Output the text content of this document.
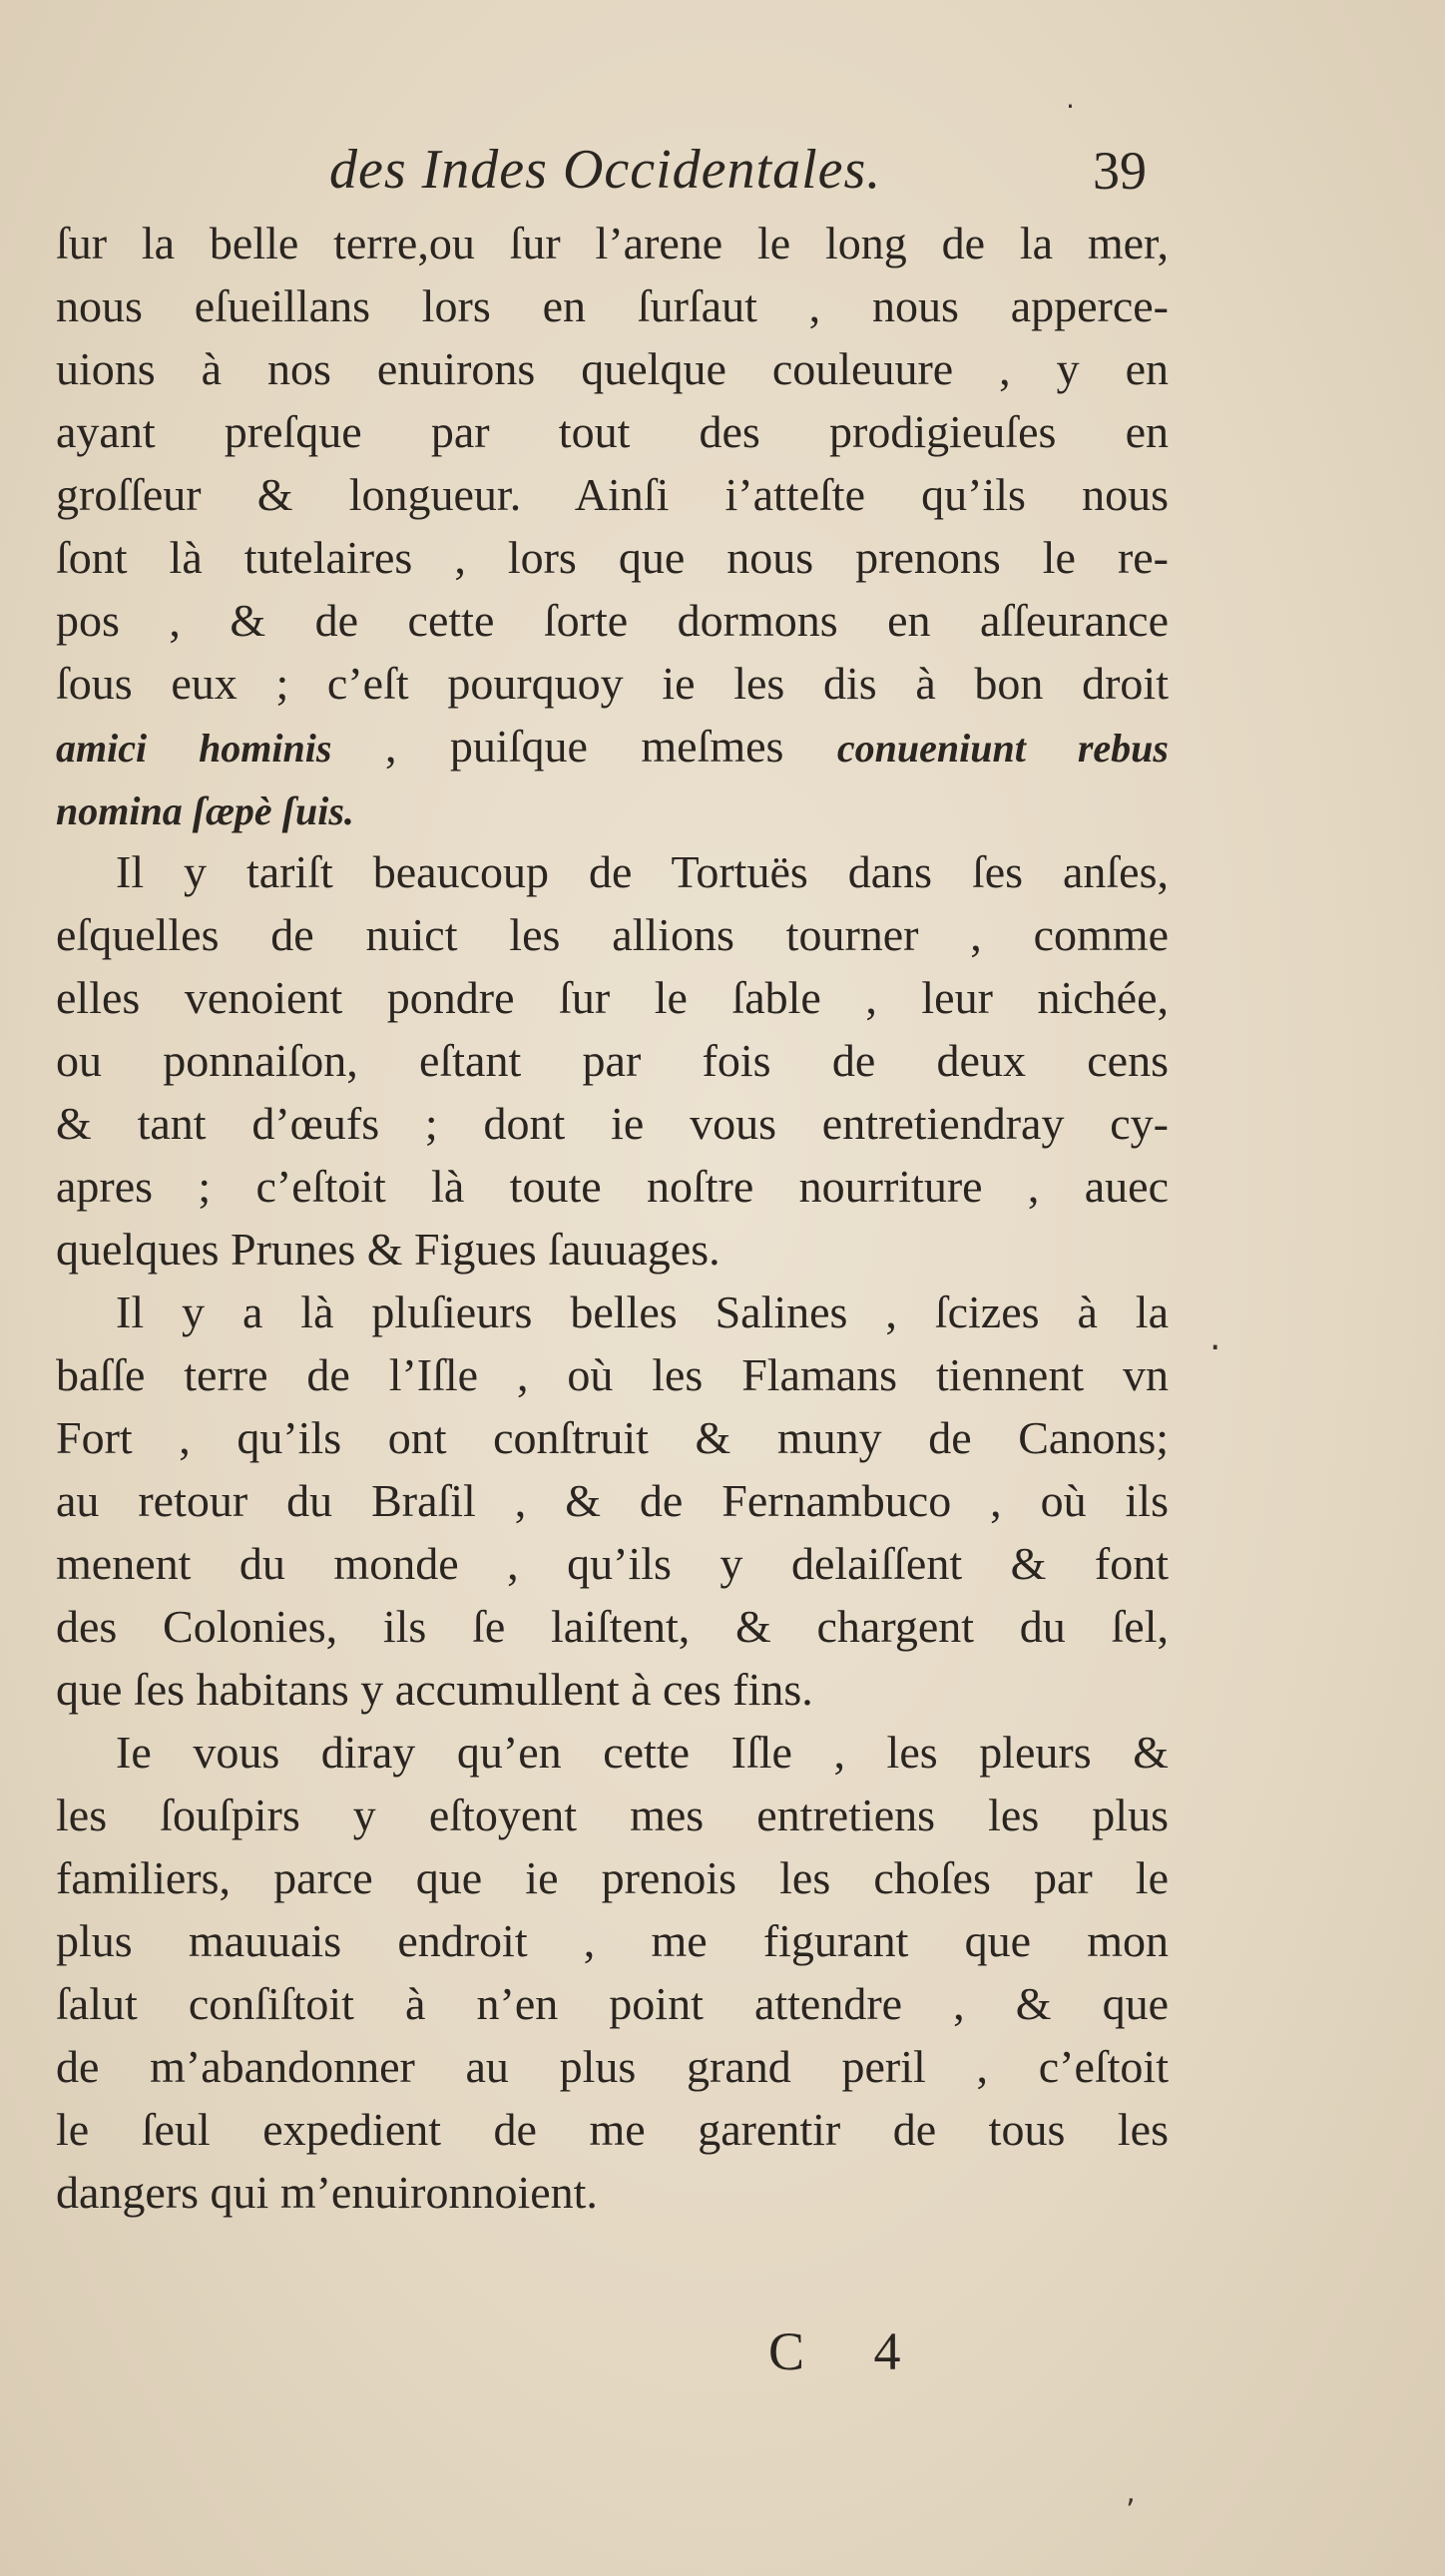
des Indes Occidentales.	39
ſur la belle terre,ou ſur l’arene le long de la mer,
nous eſueillans lors en ſurſaut , nous apperce-
uions à nos enuirons quelque couleuure , y en
ayant preſque par tout des prodigieuſes en
groſſeur & longueur. Ainſi i’atteſte qu’ils nous
ſont là tutelaires , lors que nous prenons le re-
pos , & de cette ſorte dormons en aſſeurance
ſous eux ; c’eſt pourquoy ie les dis à bon droit
amici hominis , puiſque meſmes conueniunt rebus
nomina ſæpè ſuis.
Il y tariſt beaucoup de Tortuës dans ſes anſes,
eſquelles de nuict les allions tourner , comme
elles venoient pondre ſur le ſable , leur nichée,
ou ponnaiſon, eſtant par fois de deux cens
& tant d’œufs ; dont ie vous entretiendray cy-
apres ; c’eſtoit là toute noſtre nourriture , auec
quelques Prunes & Figues ſauuages.
Il y a là pluſieurs belles Salines , ſcizes à la
baſſe terre de l’Iſle , où les Flamans tiennent vn
Fort , qu’ils ont conſtruit & muny de Canons;
au retour du Braſil , & de Fernambuco , où ils
menent du monde , qu’ils y delaiſſent & font
des Colonies, ils ſe laiſtent, & chargent du ſel,
que ſes habitans y accumullent à ces fins.
Ie vous diray qu’en cette Iſle , les pleurs &
les ſouſpirs y eſtoyent mes entretiens les plus
familiers, parce que ie prenois les choſes par le
plus mauuais endroit , me figurant que mon
ſalut conſiſtoit à n’en point attendre , & que
de m’abandonner au plus grand peril , c’eſtoit
le ſeul expedient de me garentir de tous les
dangers qui m’enuironnoient.
C 4
·
·
‚
